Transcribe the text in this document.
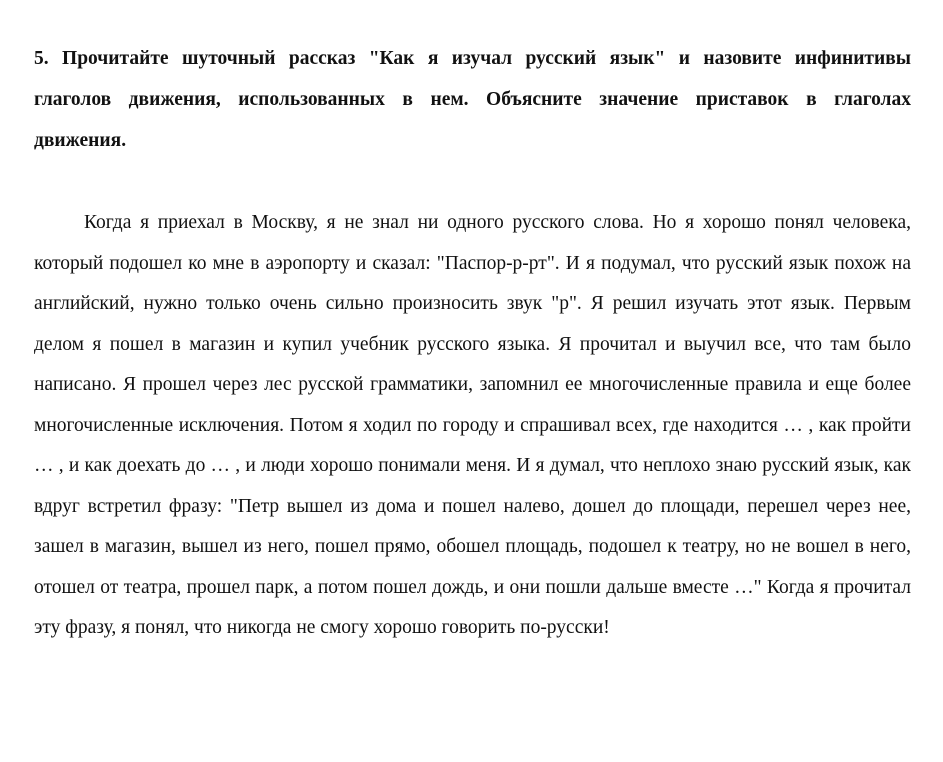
5. Прочитайте шуточный рассказ "Как я изучал русский язык" и назовите инфинитивы глаголов движения, использованных в нем. Объясните значение приставок в глаголах движения.

Когда я приехал в Москву, я не знал ни одного русского слова. Но я хорошо понял человека, который подошел ко мне в аэропорту и сказал: "Паспор-р-рт". И я подумал, что русский язык похож на английский, нужно только очень сильно произносить звук "р". Я решил изучать этот язык. Первым делом я пошел в магазин и купил учебник русского языка. Я прочитал и выучил все, что там было написано. Я прошел через лес русской грамматики, запомнил ее многочисленные правила и еще более многочисленные исключения. Потом я ходил по городу и спрашивал всех, где находится … , как пройти … , и как доехать до … , и люди хорошо понимали меня. И я думал, что неплохо знаю русский язык, как вдруг встретил фразу: "Петр вышел из дома и пошел налево, дошел до площади, перешел через нее, зашел в магазин, вышел из него, пошел прямо, обошел площадь, подошел к театру, но не вошел в него, отошел от театра, прошел парк, а потом пошел дождь, и они пошли дальше вместе …" Когда я прочитал эту фразу, я понял, что никогда не смогу хорошо говорить по-русски!
